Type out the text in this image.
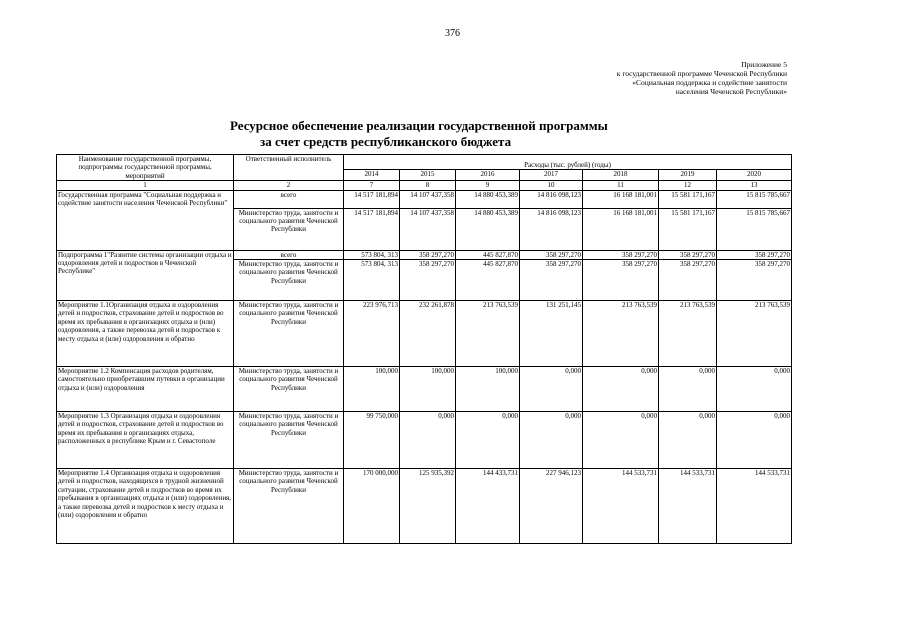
376
Приложение 5
к государственной программе Чеченской Республики
«Социальная поддержка и содействие занятости
населения Чеченской Республики»
Ресурсное обеспечение реализации государственной программы
за счет средств республиканского бюджета
Наименование государственной программы, подпрограммы государственной программы, мероприятий	Ответственный исполнитель	Расходы (тыс. рублей) (годы)						
		2014	2015	2016	2017	2018	2019	2020
1	2	7	8	9	10	11	12	13
Государственная программа "Социальная поддержка и содействие занятости населения Чеченской Республики"	всего	14 517 181,894	14 107 437,358	14 880 453,389	14 816 098,123	16 168 181,001	15 581 171,167	15 815 785,667
	Министерство труда, занятости и социального развития Чеченской Республики	14 517 181,894	14 107 437,358	14 880 453,389	14 816 098,123	16 168 181,001	15 581 171,167	15 815 785,667
Подпрограмма 1"Развитие системы организации отдыха и оздоровления детей и подростков в Чеченской Республике"	всего	573 804, 313	358 297,270	445 827,870	358 297,270	358 297,270	358 297,270	358 297,270
	Министерство труда, занятости и социального развития Чеченской Республики	573 804, 313	358 297,270	445 827,870	358 297,270	358 297,270	358 297,270	358 297,270
Мероприятие 1.1Организация отдыха и оздоровления детей и подростков, страхование детей и подростков во время их пребывания в организациях отдыха и (или) оздоровления, а также перевозка детей и подростков к месту отдыха и (или) оздоровления и обратно	Министерство труда, занятости и социального развития Чеченской Республики	223 976,713	232 261,878	213 763,539	131 251,145	213 763,539	213 763,539	213 763,539
Мероприятие 1.2 Компенсация расходов родителям, самостоятельно приобретавшим путевки в организации отдыха и (или) оздоровления	Министерство труда, занятости и социального развития Чеченской Республики	100,000	100,000	100,000	0,000	0,000	0,000	0,000
Мероприятие 1.3 Организация отдыха и оздоровления детей и подростков, страхование детей и подростков во время их пребывания в организациях отдыха, расположенных в республике Крым и г. Севастополе	Министерство труда, занятости и социального развития Чеченской Республики	99 750,000	0,000	0,000	0,000	0,000	0,000	0,000
Мероприятие 1.4 Организация отдыха и оздоровления детей и подростков, находящихся в трудной жизненной ситуации, страхование детей и подростков во время их пребывания в организациях отдыха и (или) оздоровления, а также перевозка детей и подростков к месту отдыха и (или) оздоровления и обратно	Министерство труда, занятости и социального развития Чеченской Республики	170 000,000	125 935,392	144 433,731	227 946,123	144 533,731	144 533,731	144 533,731
